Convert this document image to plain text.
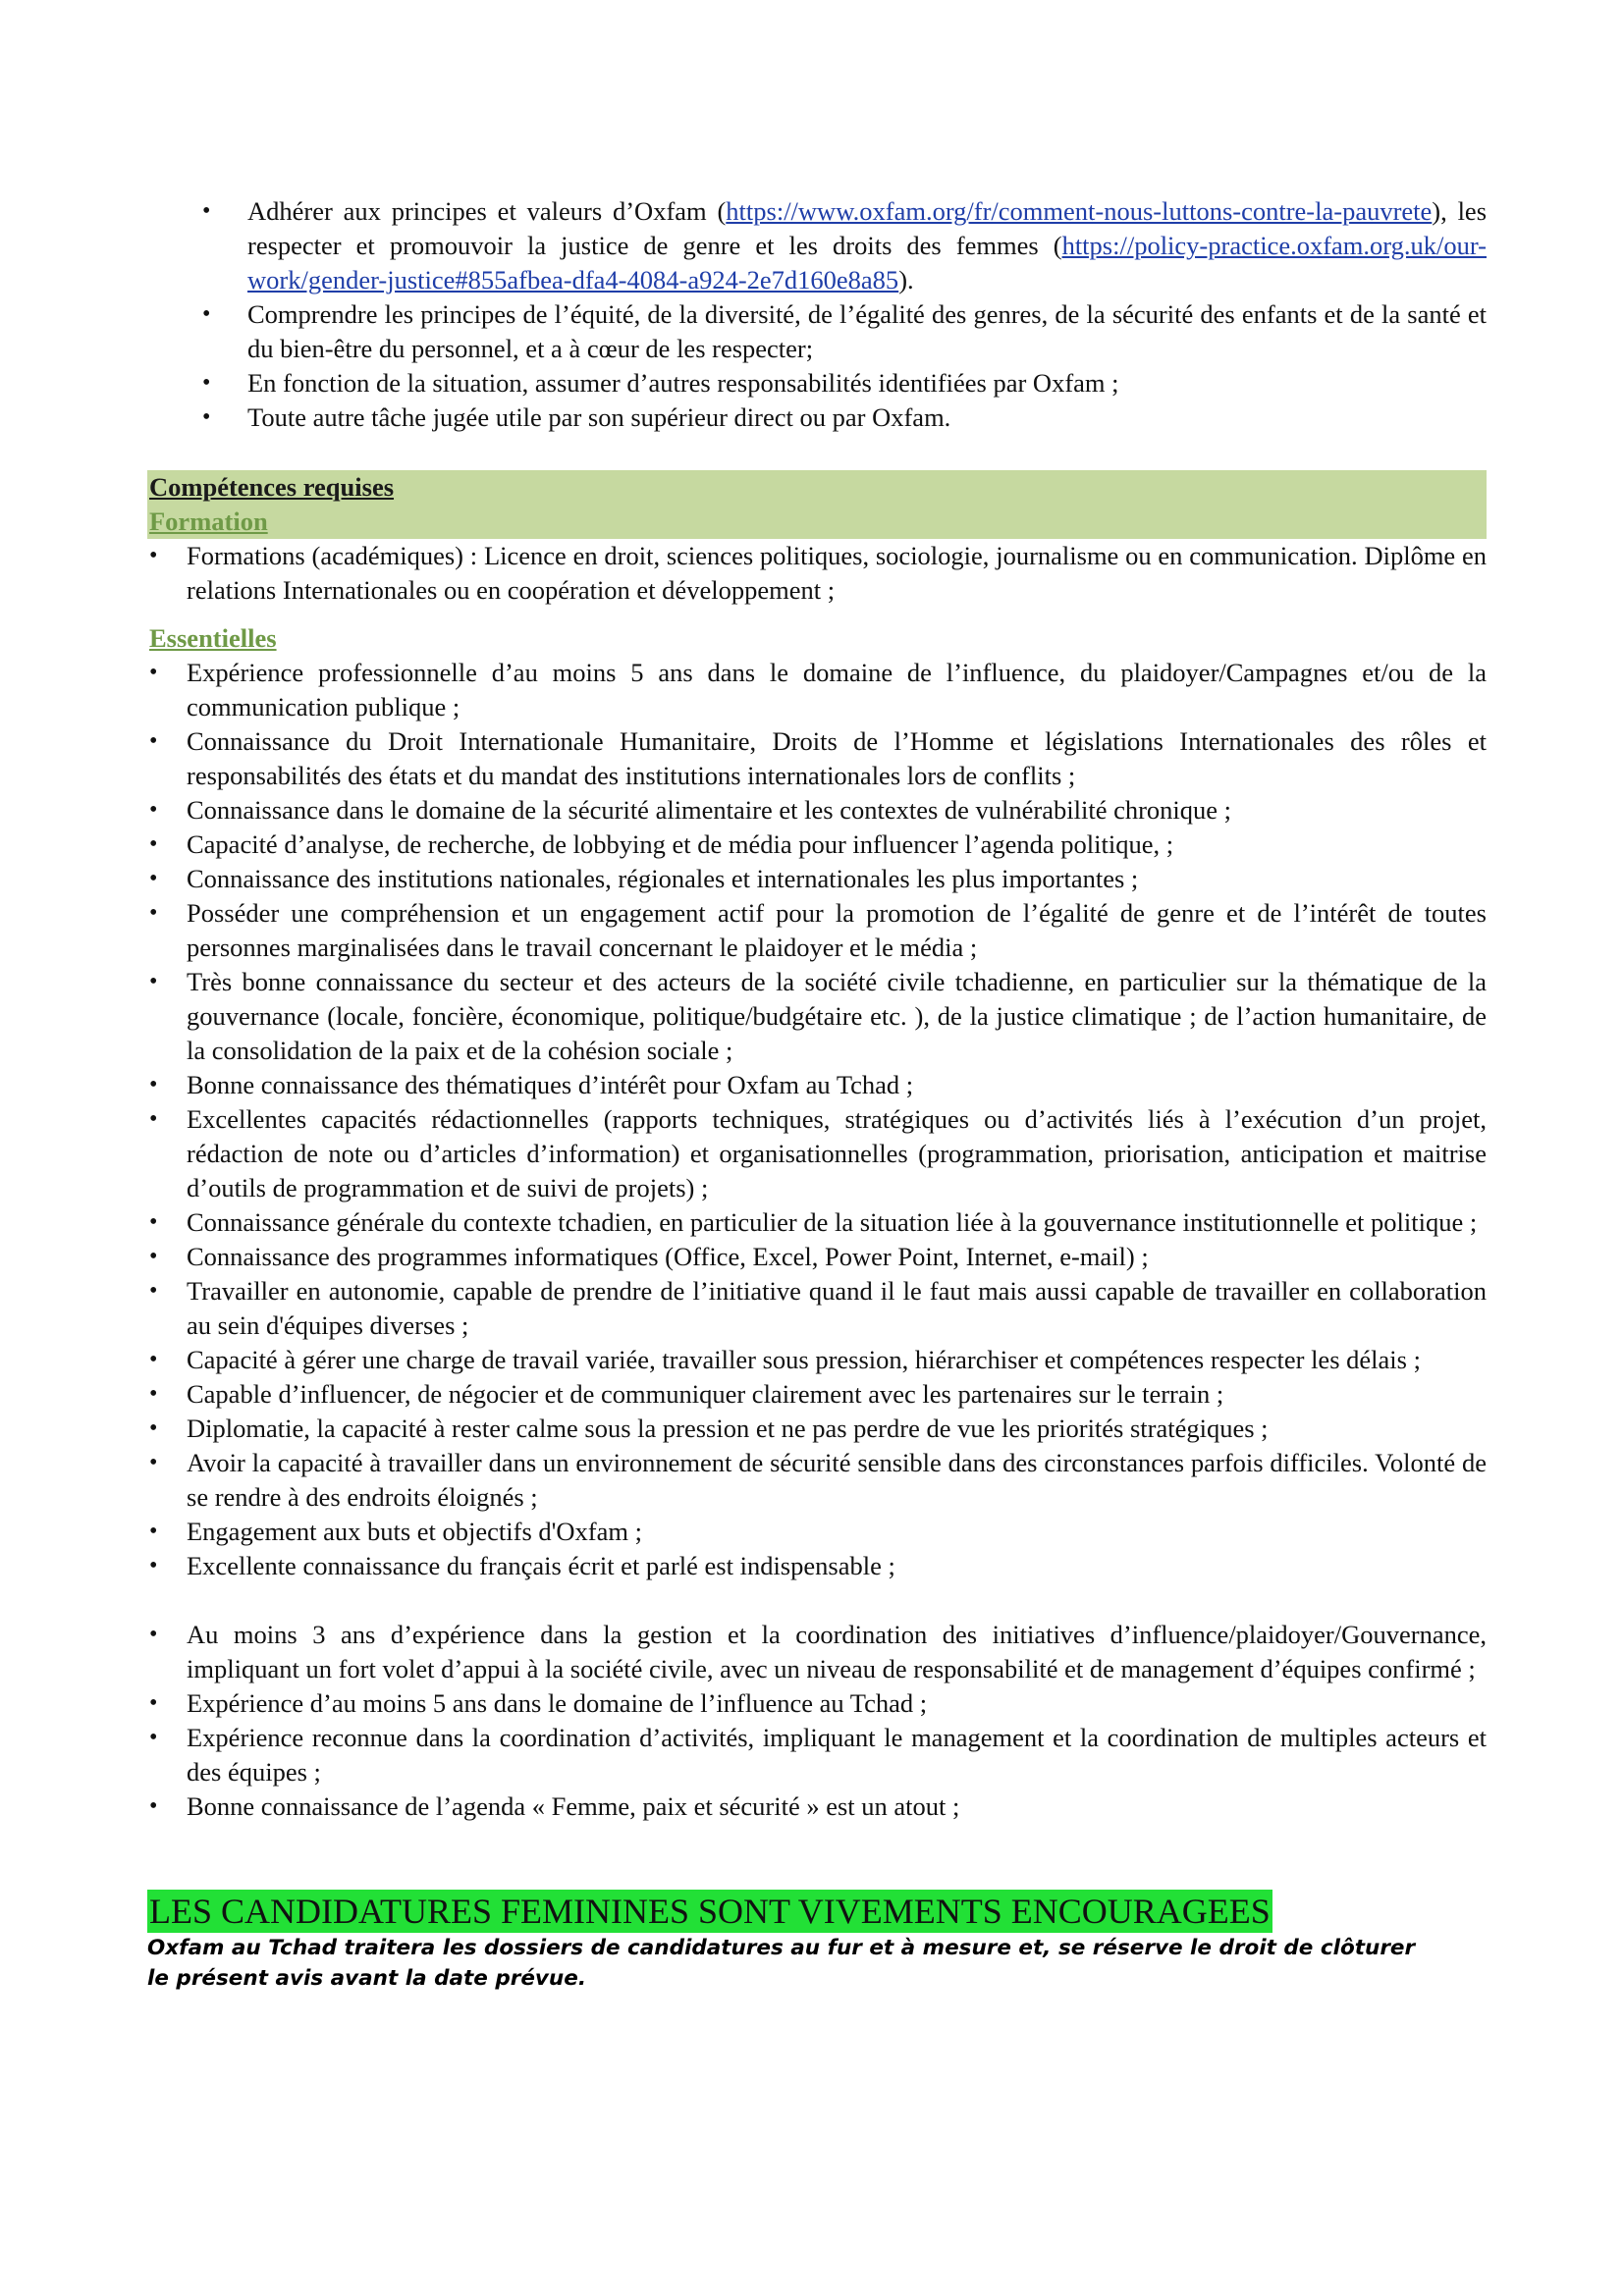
• Adhérer aux principes et valeurs d’Oxfam (https://www.oxfam.org/fr/comment-nous-luttons-contre-la-pauvrete), les respecter et promouvoir la justice de genre et les droits des femmes (https://policy-practice.oxfam.org.uk/our-work/gender-justice#855afbea-dfa4-4084-a924-2e7d160e8a85).
• Comprendre les principes de l’équité, de la diversité, de l’égalité des genres, de la sécurité des enfants et de la santé et du bien-être du personnel, et a à cœur de les respecter;
• En fonction de la situation, assumer d’autres responsabilités identifiées par Oxfam ;
• Toute autre tâche jugée utile par son supérieur direct ou par Oxfam.
Compétences requises
Formation
• Formations (académiques) : Licence en droit, sciences politiques, sociologie, journalisme ou en communication. Diplôme en relations Internationales ou en coopération et développement ;
Essentielles
• Expérience professionnelle d’au moins 5 ans dans le domaine de l’influence, du plaidoyer/Campagnes et/ou de la communication publique ;
• Connaissance du Droit Internationale Humanitaire, Droits de l’Homme et législations Internationales des rôles et responsabilités des états et du mandat des institutions internationales lors de conflits ;
• Connaissance dans le domaine de la sécurité alimentaire et les contextes de vulnérabilité chronique ;
• Capacité d’analyse, de recherche, de lobbying et de média pour influencer l’agenda politique, ;
• Connaissance des institutions nationales, régionales et internationales les plus importantes ;
• Posséder une compréhension et un engagement actif pour la promotion de l’égalité de genre et de l’intérêt de toutes personnes marginalisées dans le travail concernant le plaidoyer et le média ;
• Très bonne connaissance du secteur et des acteurs de la société civile tchadienne, en particulier sur la thématique de la gouvernance (locale, foncière, économique, politique/budgétaire etc. ), de la justice climatique ; de l’action humanitaire, de la consolidation de la paix et de la cohésion sociale ;
• Bonne connaissance des thématiques d’intérêt pour Oxfam au Tchad ;
• Excellentes capacités rédactionnelles (rapports techniques, stratégiques ou d’activités liés à l’exécution d’un projet, rédaction de note ou d’articles d’information) et organisationnelles (programmation, priorisation, anticipation et maitrise d’outils de programmation et de suivi de projets) ;
• Connaissance générale du contexte tchadien, en particulier de la situation liée à la gouvernance institutionnelle et politique ;
• Connaissance des programmes informatiques (Office, Excel, Power Point, Internet, e-mail) ;
• Travailler en autonomie, capable de prendre de l’initiative quand il le faut mais aussi capable de travailler en collaboration au sein d'équipes diverses ;
• Capacité à gérer une charge de travail variée, travailler sous pression, hiérarchiser et compétences respecter les délais ;
• Capable d’influencer, de négocier et de communiquer clairement avec les partenaires sur le terrain ;
• Diplomatie, la capacité à rester calme sous la pression et ne pas perdre de vue les priorités stratégiques ;
• Avoir la capacité à travailler dans un environnement de sécurité sensible dans des circonstances parfois difficiles. Volonté de se rendre à des endroits éloignés ;
• Engagement aux buts et objectifs d'Oxfam ;
• Excellente connaissance du français écrit et parlé est indispensable ;
• Au moins 3 ans d’expérience dans la gestion et la coordination des initiatives d’influence/plaidoyer/Gouvernance, impliquant un fort volet d’appui à la société civile, avec un niveau de responsabilité et de management d’équipes confirmé ;
• Expérience d’au moins 5 ans dans le domaine de l’influence au Tchad ;
• Expérience reconnue dans la coordination d’activités, impliquant le management et la coordination de multiples acteurs et des équipes ;
• Bonne connaissance de l’agenda « Femme, paix et sécurité » est un atout ;
LES CANDIDATURES FEMININES SONT VIVEMENTS ENCOURAGEES
Oxfam au Tchad traitera les dossiers de candidatures au fur et à mesure et, se réserve le droit de clôturer
le présent avis avant la date prévue.
